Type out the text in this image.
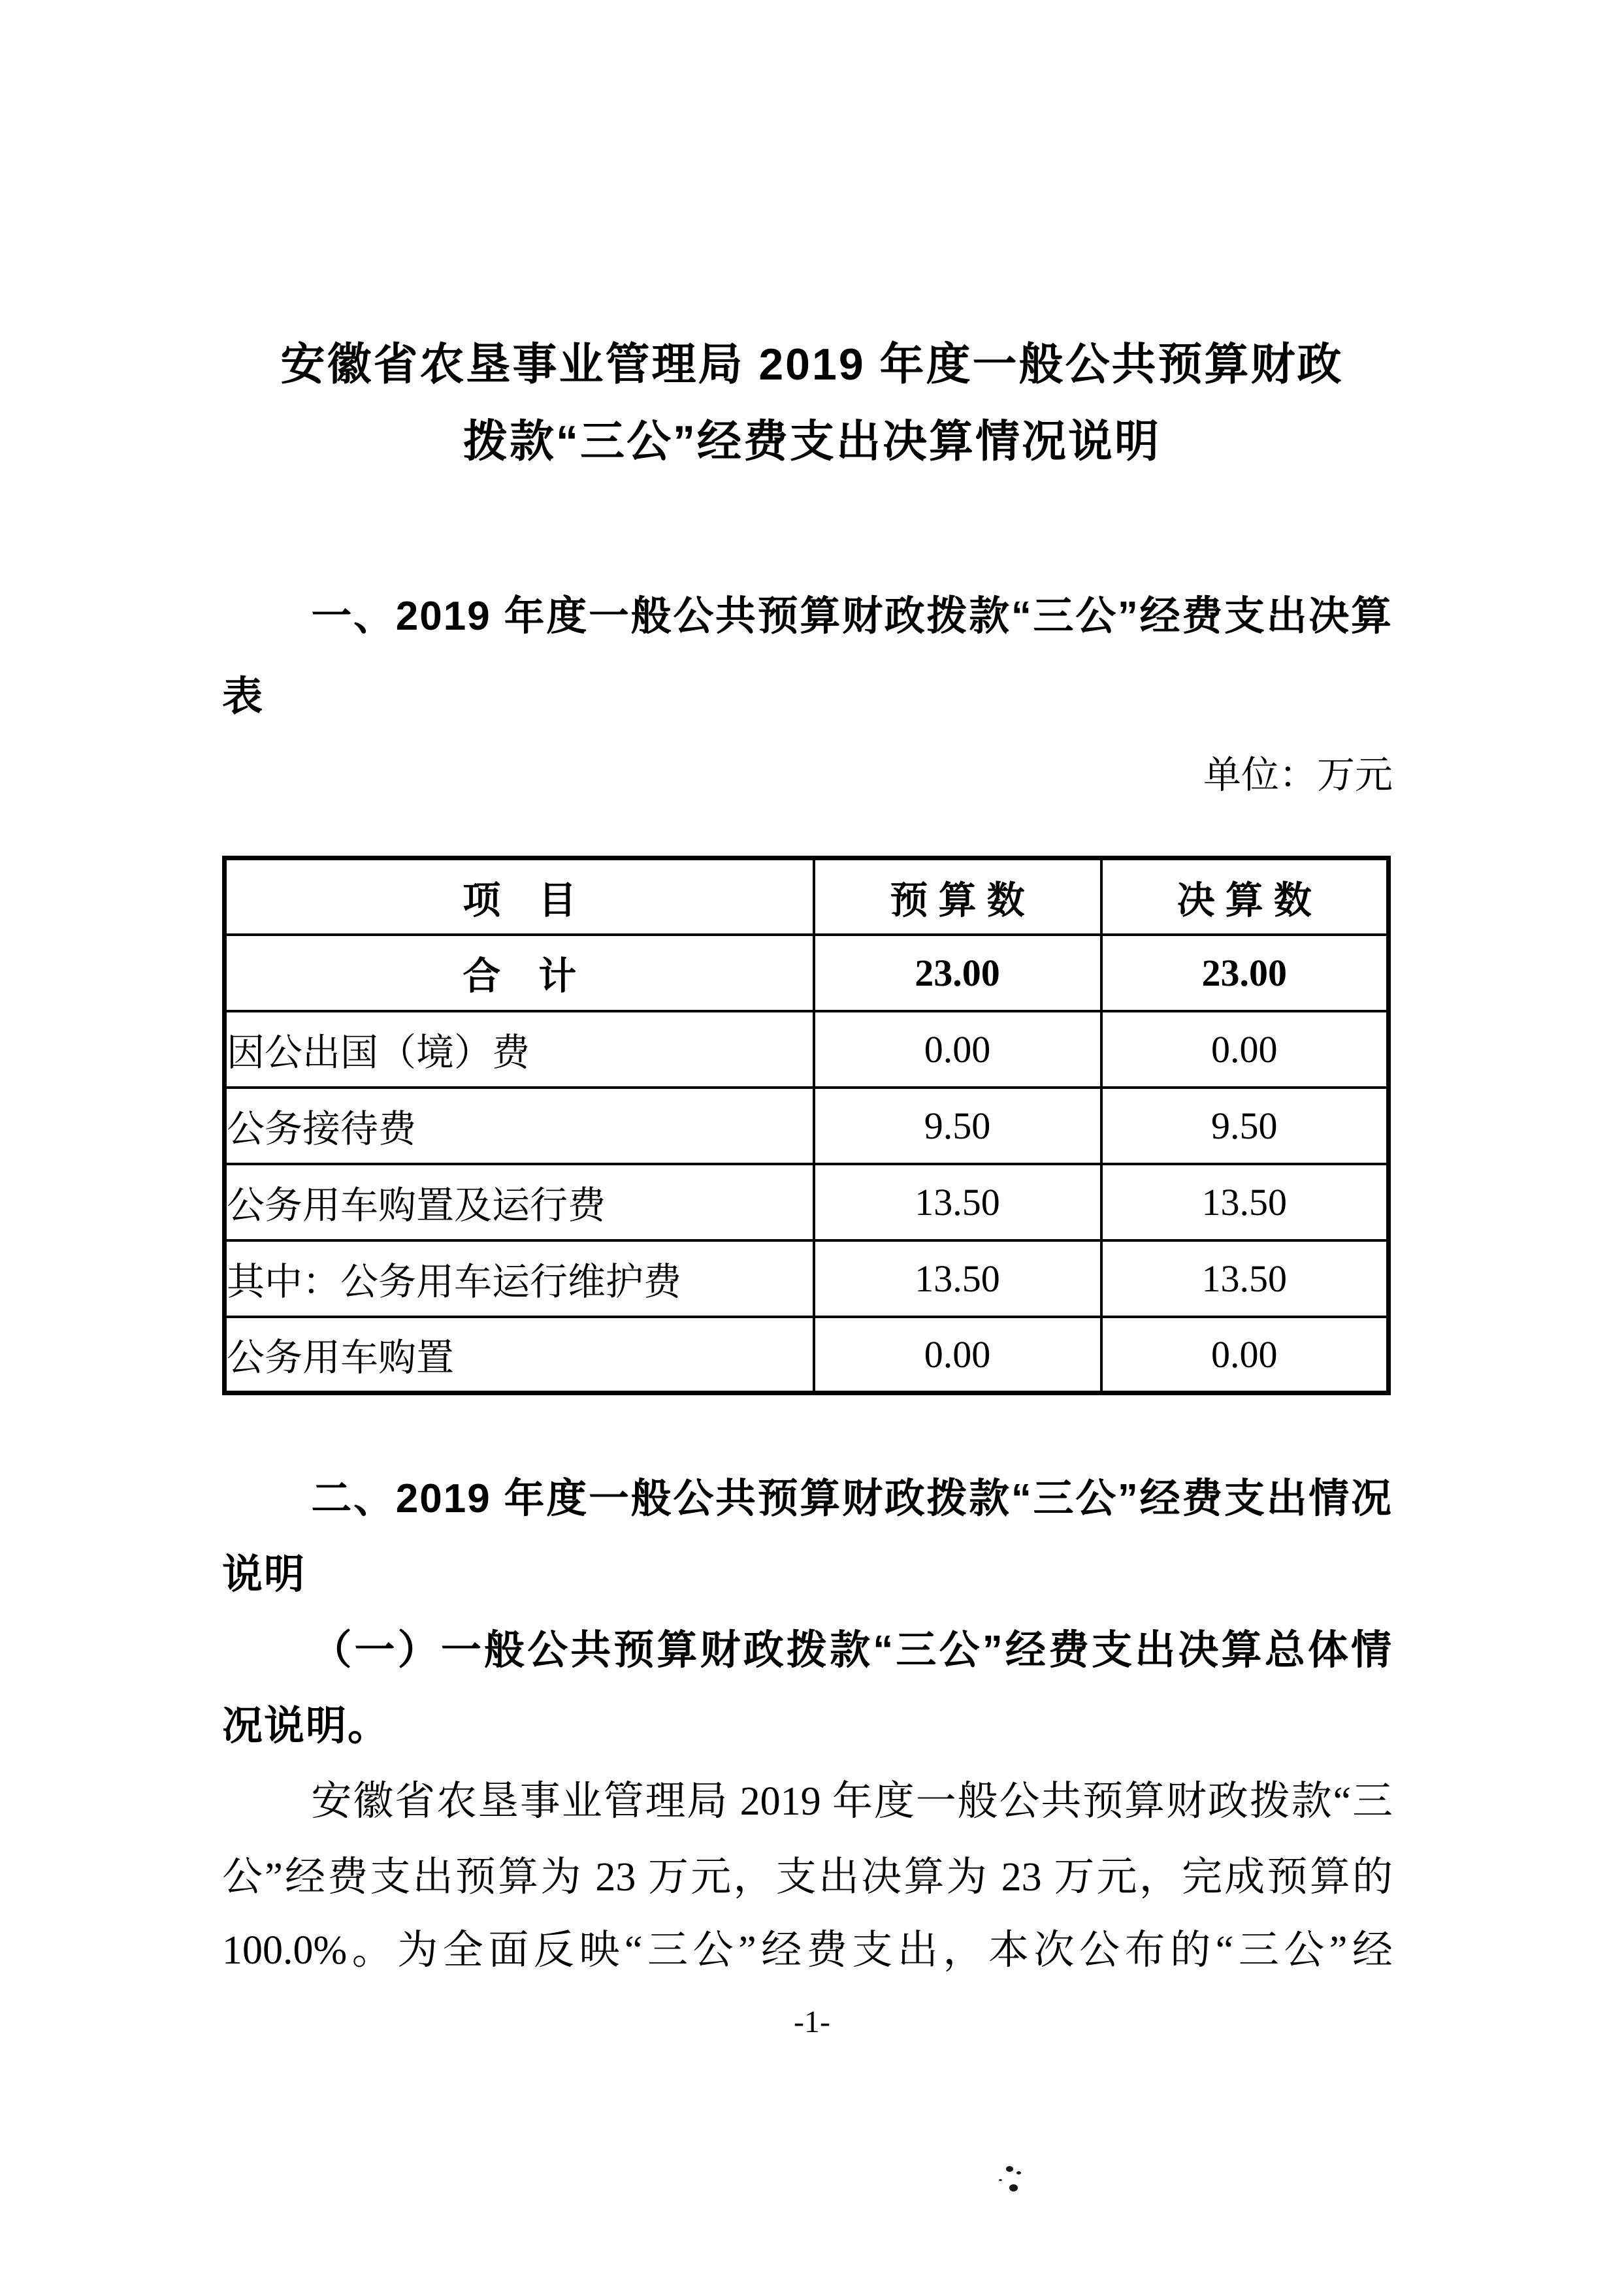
安徽省农垦事业管理局 2019 年度一般公共预算财政
拨款“三公”经费支出决算情况说明
一、2019 年度一般公共预算财政拨款“三公”经费支出决算
表
单位：万元
项　目	预 算 数	决 算 数
合　计	23.00	23.00
因公出国（境）费	0.00	0.00
公务接待费	9.50	9.50
公务用车购置及运行费	13.50	13.50
其中：公务用车运行维护费	13.50	13.50
公务用车购置	0.00	0.00
二、2019 年度一般公共预算财政拨款“三公”经费支出情况
说明
（一）一般公共预算财政拨款“三公”经费支出决算总体情
况说明。
安徽省农垦事业管理局 2019 年度一般公共预算财政拨款“三
公”经费支出预算为 23 万元，支出决算为 23 万元，完成预算的
100.0%。为全面反映“三公”经费支出，本次公布的“三公”经
-1-
